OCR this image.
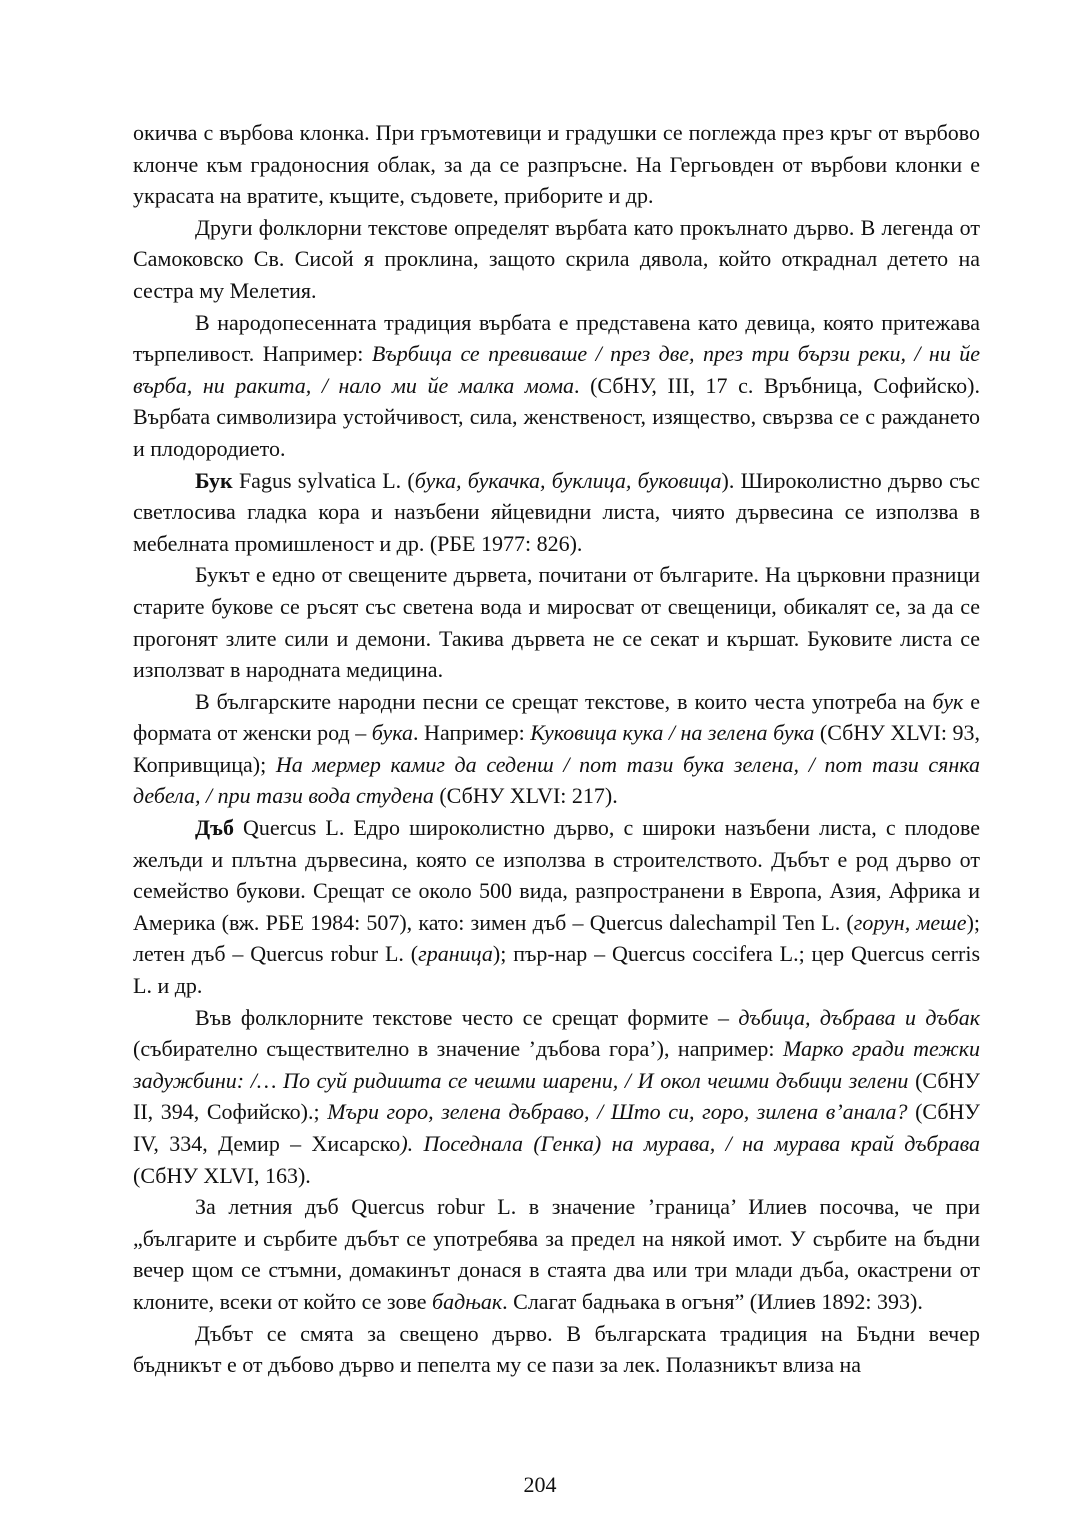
окичва с върбова клонка. При гръмотевици и градушки се поглежда през кръг от върбово клонче към градоносния облак, за да се разпръсне. На Гергьовден от върбови клонки е украсата на вратите, къщите, съдовете, приборите и др.

Други фолклорни текстове определят върбата като прокълнато дърво. В легенда от Самоковско Св. Сисой я проклина, защото скрила дявола, който откраднал детето на сестра му Мелетия.

В народопесенната традиция върбата е представена като девица, която притежава търпеливост. Например: Върбица се превиваше / през две, през три бързи реки, / ни йе върба, ни ракита, / нало ми йе малка мома. (СбНУ, III, 17 с. Връбница, Софийско). Върбата символизира устойчивост, сила, женственост, изящество, свързва се с раждането и плодородието.

Бук Fagus sylvatica L. (бука, букачка, буклица, буковица). Широколистно дърво със светлосива гладка кора и назъбени яйцевидни листа, чиято дървесина се използва в мебелната промишленост и др. (РБЕ 1977: 826).

Букът е едно от свещените дървета, почитани от българите. На църковни празници старите букове се ръсят със светена вода и миросват от свещеници, обикалят се, за да се прогонят злите сили и демони. Такива дървета не се секат и кършат. Буковите листа се използват в народната медицина.

В българските народни песни се срещат текстове, в които честа употреба на бук е формата от женски род – бука. Например: Куковица кука / на зелена бука (СбНУ XLVI: 93, Копривщица); На мермер камиг да седенш / пот тази бука зелена, / пот тази сянка дебела, / при тази вода студена (СбНУ XLVI: 217).

Дъб Quercus L. Едро широколистно дърво, с широки назъбени листа, с плодове желъди и плътна дървесина, която се използва в строителството. Дъбът е род дърво от семейство букови. Срещат се около 500 вида, разпространени в Европа, Азия, Африка и Америка (вж. РБЕ 1984: 507), като: зимен дъб – Quercus dalechampil Ten L. (горун, меше); летен дъб – Quercus robur L. (граница); пър-нар – Quercus coccifera L.; цер Quercus cerris L. и др.

Във фолклорните текстове често се срещат формите – дъбица, дъбрава и дъбак (събирателно съществително в значение ’дъбова гора’), например: Марко гради тежки задужбини: /… По суй ридишта се чешми шарени, / И окол чешми дъбици зелени (СбНУ II, 394, Софийско).; Мъри горо, зелена дъбраво, / Што си, горо, зилена в’анала? (СбНУ IV, 334, Демир – Хисарско). Поседнала (Генка) на мурава, / на мурава край дъбрава (СбНУ XLVI, 163).

За летния дъб Quercus robur L. в значение ’граница’ Илиев посочва, че при „българите и сърбите дъбът се употребява за предел на някой имот. У сърбите на бъдни вечер щом се стъмни, домакинът донася в стаята два или три млади дъба, окастрени от клоните, всеки от който се зове бадњак. Слагат бадњака в огъня” (Илиев 1892: 393).

Дъбът се смята за свещено дърво. В българската традиция на Бъдни вечер бъдникът е от дъбово дърво и пепелта му се пази за лек. Полазникът влиза на

204
